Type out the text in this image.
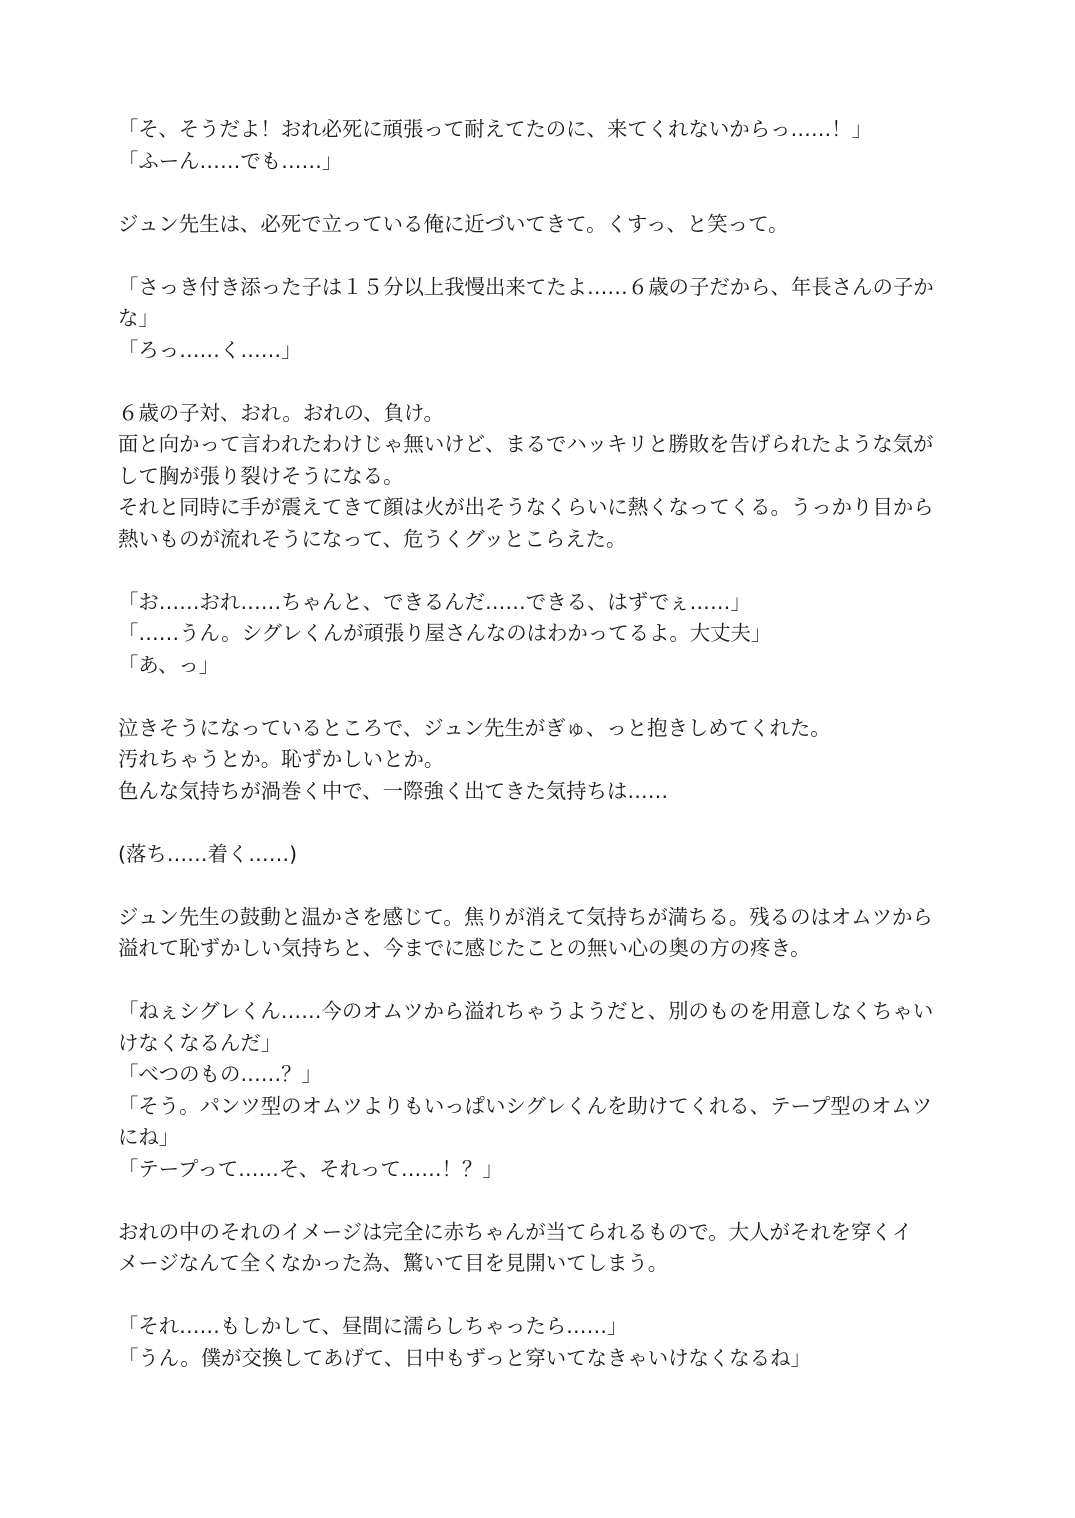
「そ、そうだよ！おれ必死に頑張って耐えてたのに、来てくれないからっ……！」
「ふーん……でも……」
ジュン先生は、必死で立っている俺に近づいてきて。くすっ、と笑って。
「さっき付き添った子は１５分以上我慢出来てたよ……６歳の子だから、年長さんの子か
な」
「ろっ……く……」
６歳の子対、おれ。おれの、負け。
面と向かって言われたわけじゃ無いけど、まるでハッキリと勝敗を告げられたような気が
して胸が張り裂けそうになる。
それと同時に手が震えてきて顔は火が出そうなくらいに熱くなってくる。うっかり目から
熱いものが流れそうになって、危うくグッとこらえた。
「お……おれ……ちゃんと、できるんだ……できる、はずでぇ……」
「……うん。シグレくんが頑張り屋さんなのはわかってるよ。大丈夫」
「あ、っ」
泣きそうになっているところで、ジュン先生がぎゅ、っと抱きしめてくれた。
汚れちゃうとか。恥ずかしいとか。
色んな気持ちが渦巻く中で、一際強く出てきた気持ちは……
(落ち……着く……)
ジュン先生の鼓動と温かさを感じて。焦りが消えて気持ちが満ちる。残るのはオムツから
溢れて恥ずかしい気持ちと、今までに感じたことの無い心の奥の方の疼き。
「ねぇシグレくん……今のオムツから溢れちゃうようだと、別のものを用意しなくちゃい
けなくなるんだ」
「べつのもの……？」
「そう。パンツ型のオムツよりもいっぱいシグレくんを助けてくれる、テープ型のオムツ
にね」
「テープって……そ、それって……！？」
おれの中のそれのイメージは完全に赤ちゃんが当てられるもので。大人がそれを穿くイ
メージなんて全くなかった為、驚いて目を見開いてしまう。
「それ……もしかして、昼間に濡らしちゃったら……」
「うん。僕が交換してあげて、日中もずっと穿いてなきゃいけなくなるね」
